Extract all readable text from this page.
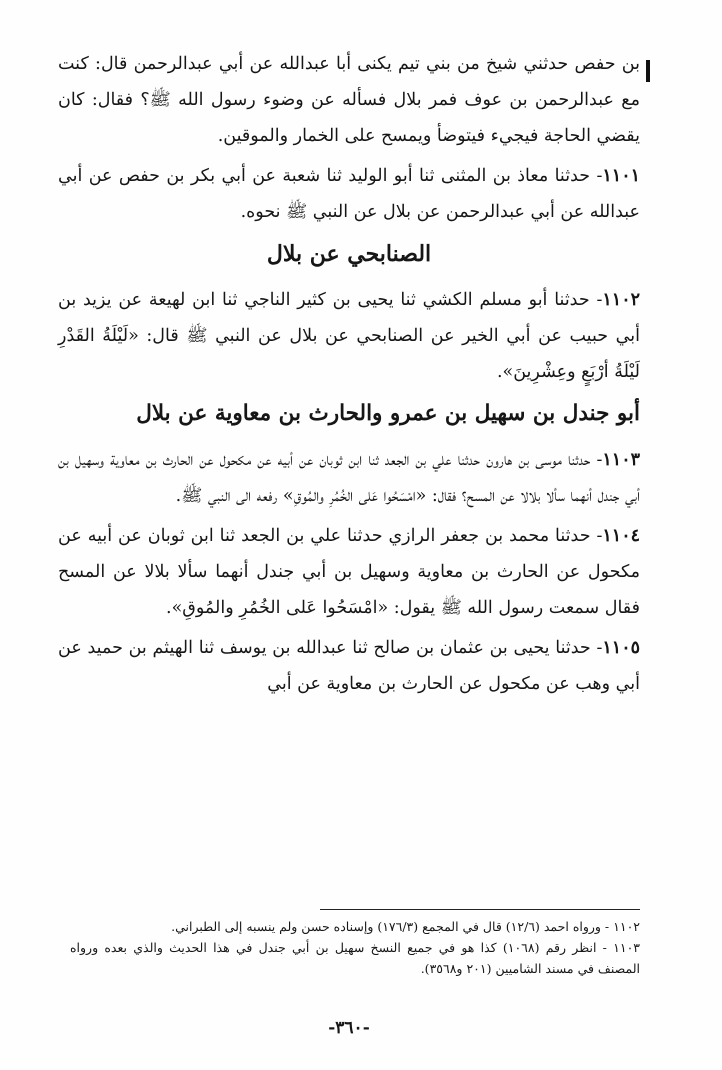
بن حفص حدثني شيخ من بني تيم يكنى أبا عبدالله عن أبي عبدالرحمن قال: كنت مع عبدالرحمن بن عوف فمر بلال فسأله عن وضوء رسول الله ﷺ؟ فقال: كان يقضي الحاجة فيجيء فيتوضأ ويمسح على الخمار والموقين.

١١٠١- حدثنا معاذ بن المثنى ثنا أبو الوليد ثنا شعبة عن أبي بكر بن حفص عن أبي عبدالله عن أبي عبدالرحمن عن بلال عن النبي ﷺ نحوه.

الصنابحي عن بلال

١١٠٢- حدثنا أبو مسلم الكشي ثنا يحيى بن كثير الناجي ثنا ابن لهيعة عن يزيد بن أبي حبيب عن أبي الخير عن الصنابحي عن بلال عن النبي ﷺ قال: «لَيْلَةُ القَدْرِ لَيْلَةُ أرْبَعٍ وعِشْرِينَ».

أبو جندل بن سهيل بن عمرو والحارث بن معاوية عن بلال

١١٠٣- حدثنا موسى بن هارون حدثنا علي بن الجعد ثنا ابن ثوبان عن أبيه عن مكحول عن الحارث بن معاوية وسهيل بن أبي جندل أنهما سألا بلالا عن المسح؟ فقال: «امْسَحُوا عَلى الخُمُرِ والمُوقِ» رفعه الى النبي ﷺ.

١١٠٤- حدثنا محمد بن جعفر الرازي حدثنا علي بن الجعد ثنا ابن ثوبان عن أبيه عن مكحول عن الحارث بن معاوية وسهيل بن أبي جندل أنهما سألا بلالا عن المسح فقال سمعت رسول الله ﷺ يقول: «امْسَحُوا عَلى الخُمُرِ والمُوقِ».

١١٠٥- حدثنا يحيى بن عثمان بن صالح ثنا عبدالله بن يوسف ثنا الهيثم بن حميد عن أبي وهب عن مكحول عن الحارث بن معاوية عن أبي

١١٠٢ - ورواه احمد (١٢/٦) قال في المجمع (١٧٦/٣) وإسناده حسن ولم ينسبه إلى الطبراني.

١١٠٣ - انظر رقم (١٠٦٨) كذا هو في جميع النسخ سهيل بن أبي جندل في هذا الحديث والذي بعده ورواه المصنف في مسند الشاميين (٢٠١ و٣٥٦٨).

-٣٦٠-
